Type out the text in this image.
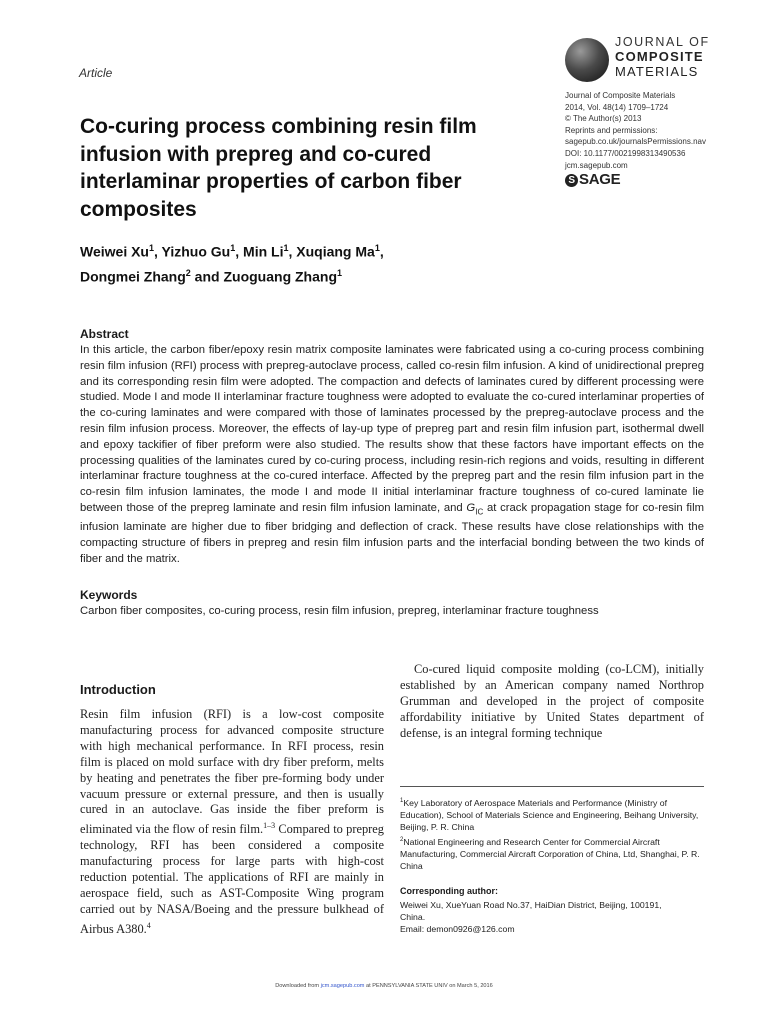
Article
JOURNAL OF
COMPOSITE
MATERIALS
Journal of Composite Materials
2014, Vol. 48(14) 1709–1724
© The Author(s) 2013
Reprints and permissions:
sagepub.co.uk/journalsPermissions.nav
DOI: 10.1177/0021998313490536
jcm.sagepub.com
S SAGE
Co-curing process combining resin film infusion with prepreg and co-cured interlaminar properties of carbon fiber composites
Weiwei Xu$^1$, Yizhuo Gu$^1$, Min Li$^1$, Xuqiang Ma$^1$,
Dongmei Zhang$^2$ and Zuoguang Zhang$^1$
Abstract
In this article, the carbon fiber/epoxy resin matrix composite laminates were fabricated using a co-curing process combining resin film infusion (RFI) process with prepreg-autoclave process, called co-resin film infusion. A kind of unidirectional prepreg and its corresponding resin film were adopted. The compaction and defects of laminates cured by different processing were studied. Mode I and mode II interlaminar fracture toughness were adopted to evaluate the co-cured interlaminar properties of the co-curing laminates and were compared with those of laminates processed by the prepreg-autoclave process and the resin film infusion process. Moreover, the effects of lay-up type of prepreg part and resin film infusion part, isothermal dwell and epoxy tackifier of fiber preform were also studied. The results show that these factors have important effects on the processing qualities of the laminates cured by co-curing process, including resin-rich regions and voids, resulting in different interlaminar fracture toughness at the co-cured interface. Affected by the prepreg part and the resin film infusion part in the co-resin film infusion laminates, the mode I and mode II initial interlaminar fracture toughness of co-cured laminate lie between those of the prepreg laminate and resin film infusion laminate, and $G_{IC}$ at crack propagation stage for co-resin film infusion laminate are higher due to fiber bridging and deflection of crack. These results have close relationships with the compacting structure of fibers in prepreg and resin film infusion parts and the interfacial bonding between the two kinds of fiber and the matrix.
Keywords
Carbon fiber composites, co-curing process, resin film infusion, prepreg, interlaminar fracture toughness
Introduction
Resin film infusion (RFI) is a low-cost composite manufacturing process for advanced composite structure with high mechanical performance. In RFI process, resin film is placed on mold surface with dry fiber preform, melts by heating and penetrates the fiber pre-forming body under vacuum pressure or external pressure, and then is usually cured in an autoclave. Gas inside the fiber preform is eliminated via the flow of resin film.$^{1-3}$ Compared to prepreg technology, RFI has been considered a composite manufacturing process for large parts with high-cost reduction potential. The applications of RFI are mainly in aerospace field, such as AST-Composite Wing program carried out by NASA/Boeing and the pressure bulkhead of Airbus A380.$^4$
Co-cured liquid composite molding (co-LCM), initially established by an American company named Northrop Grumman and developed in the project of composite affordability initiative by United States department of defense, is an integral forming technique
$^1$Key Laboratory of Aerospace Materials and Performance (Ministry of Education), School of Materials Science and Engineering, Beihang University, Beijing, P. R. China
$^2$National Engineering and Research Center for Commercial Aircraft Manufacturing, Commercial Aircraft Corporation of China, Ltd, Shanghai, P. R. China
Corresponding author:
Weiwei Xu, XueYuan Road No.37, HaiDian District, Beijing, 100191,
China.
Email: demon0926@126.com
Downloaded from jcm.sagepub.com at PENNSYLVANIA STATE UNIV on March 5, 2016
